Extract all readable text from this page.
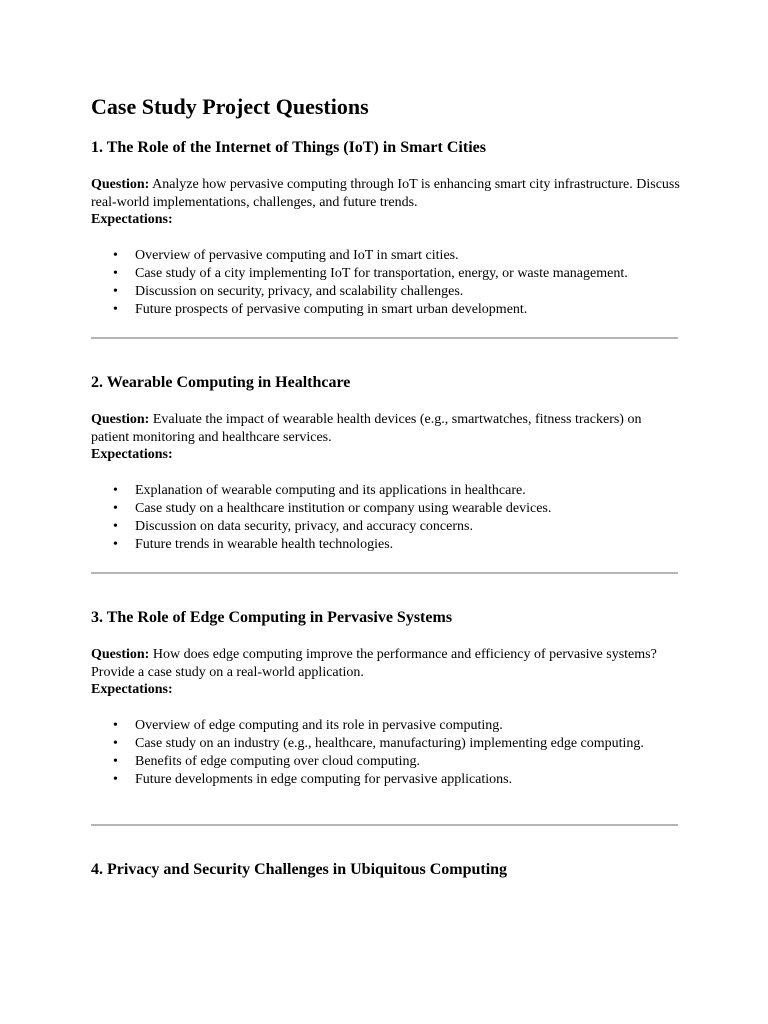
Case Study Project Questions
1. The Role of the Internet of Things (IoT) in Smart Cities

Question: Analyze how pervasive computing through IoT is enhancing smart city infrastructure. Discuss real-world implementations, challenges, and future trends.

Expectations:

• Overview of pervasive computing and IoT in smart cities.
• Case study of a city implementing IoT for transportation, energy, or waste management.
• Discussion on security, privacy, and scalability challenges.
• Future prospects of pervasive computing in smart urban development.
2. Wearable Computing in Healthcare

Question: Evaluate the impact of wearable health devices (e.g., smartwatches, fitness trackers) on patient monitoring and healthcare services.

Expectations:

• Explanation of wearable computing and its applications in healthcare.
• Case study on a healthcare institution or company using wearable devices.
• Discussion on data security, privacy, and accuracy concerns.
• Future trends in wearable health technologies.
3. The Role of Edge Computing in Pervasive Systems

Question: How does edge computing improve the performance and efficiency of pervasive systems? Provide a case study on a real-world application.

Expectations:

• Overview of edge computing and its role in pervasive computing.
• Case study on an industry (e.g., healthcare, manufacturing) implementing edge computing.
• Benefits of edge computing over cloud computing.
• Future developments in edge computing for pervasive applications.
4. Privacy and Security Challenges in Ubiquitous Computing
